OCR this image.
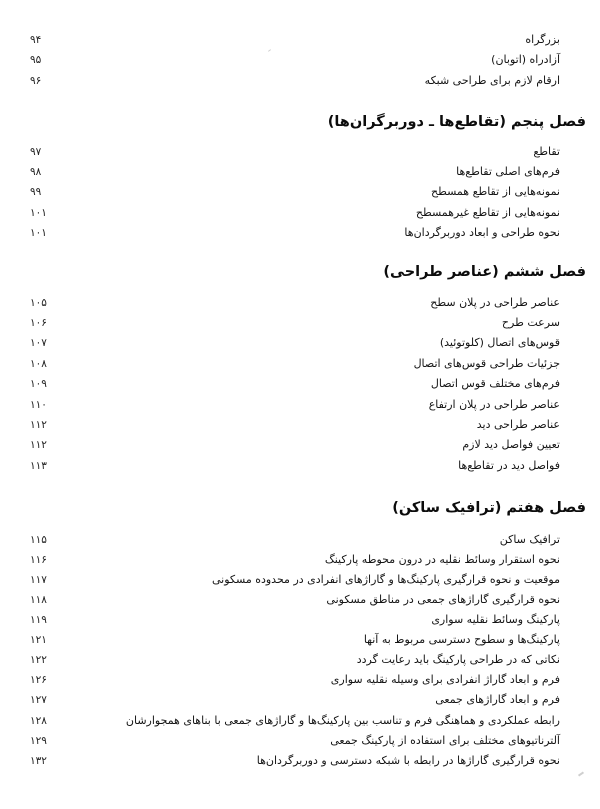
بزرگراه
۹۴
آزادراه (اتوبان)
۹۵
ارقام لازم برای طراحی شبکه
۹۶
فصل پنجم (تقاطع‌ها ـ دوربرگران‌ها)
تقاطع
۹۷
فرم‌های اصلی تقاطع‌ها
۹۸
نمونه‌هایی از تقاطع همسطح
۹۹
نمونه‌هایی از تقاطع غیرهمسطح
۱۰۱
نحوه طراحی و ابعاد دوربرگردان‌ها
۱۰۱
فصل ششم (عناصر طراحی)
عناصر طراحی در پلان سطح
۱۰۵
سرعت طرح
۱۰۶
قوس‌های اتصال (کلوتوئید)
۱۰۷
جزئیات طراحی قوس‌های اتصال
۱۰۸
فرم‌های مختلف قوس اتصال
۱۰۹
عناصر طراحی در پلان ارتفاع
۱۱۰
عناصر طراحی دید
۱۱۲
تعیین فواصل دید لازم
۱۱۲
فواصل دید در تقاطع‌ها
۱۱۳
فصل هفتم (ترافیک ساکن)
ترافیک ساکن
۱۱۵
نحوه استقرار وسائط نقلیه در درون محوطه پارکینگ
۱۱۶
موقعیت و نحوه قرارگیری پارکینگ‌ها و گاراژهای انفرادی در محدوده مسکونی
۱۱۷
نحوه قرارگیری گاراژهای جمعی در مناطق مسکونی
۱۱۸
پارکینگ وسائط نقلیه سواری
۱۱۹
پارکینگ‌ها و سطوح دسترسی مربوط به آنها
۱۲۱
نکاتی که در طراحی پارکینگ باید رعایت گردد
۱۲۲
فرم و ابعاد گاراژ انفرادی برای وسیله نقلیه سواری
۱۲۶
فرم و ابعاد گاراژهای جمعی
۱۲۷
رابطه عملکردی و هماهنگی فرم و تناسب بین پارکینگ‌ها و گاراژهای جمعی با بناهای همجوارشان
۱۲۸
آلترناتیوهای مختلف برای استفاده از پارکینگ جمعی
۱۲۹
نحوه قرارگیری گاراژها در رابطه با شبکه دسترسی و دوربرگردان‌ها
۱۳۲
